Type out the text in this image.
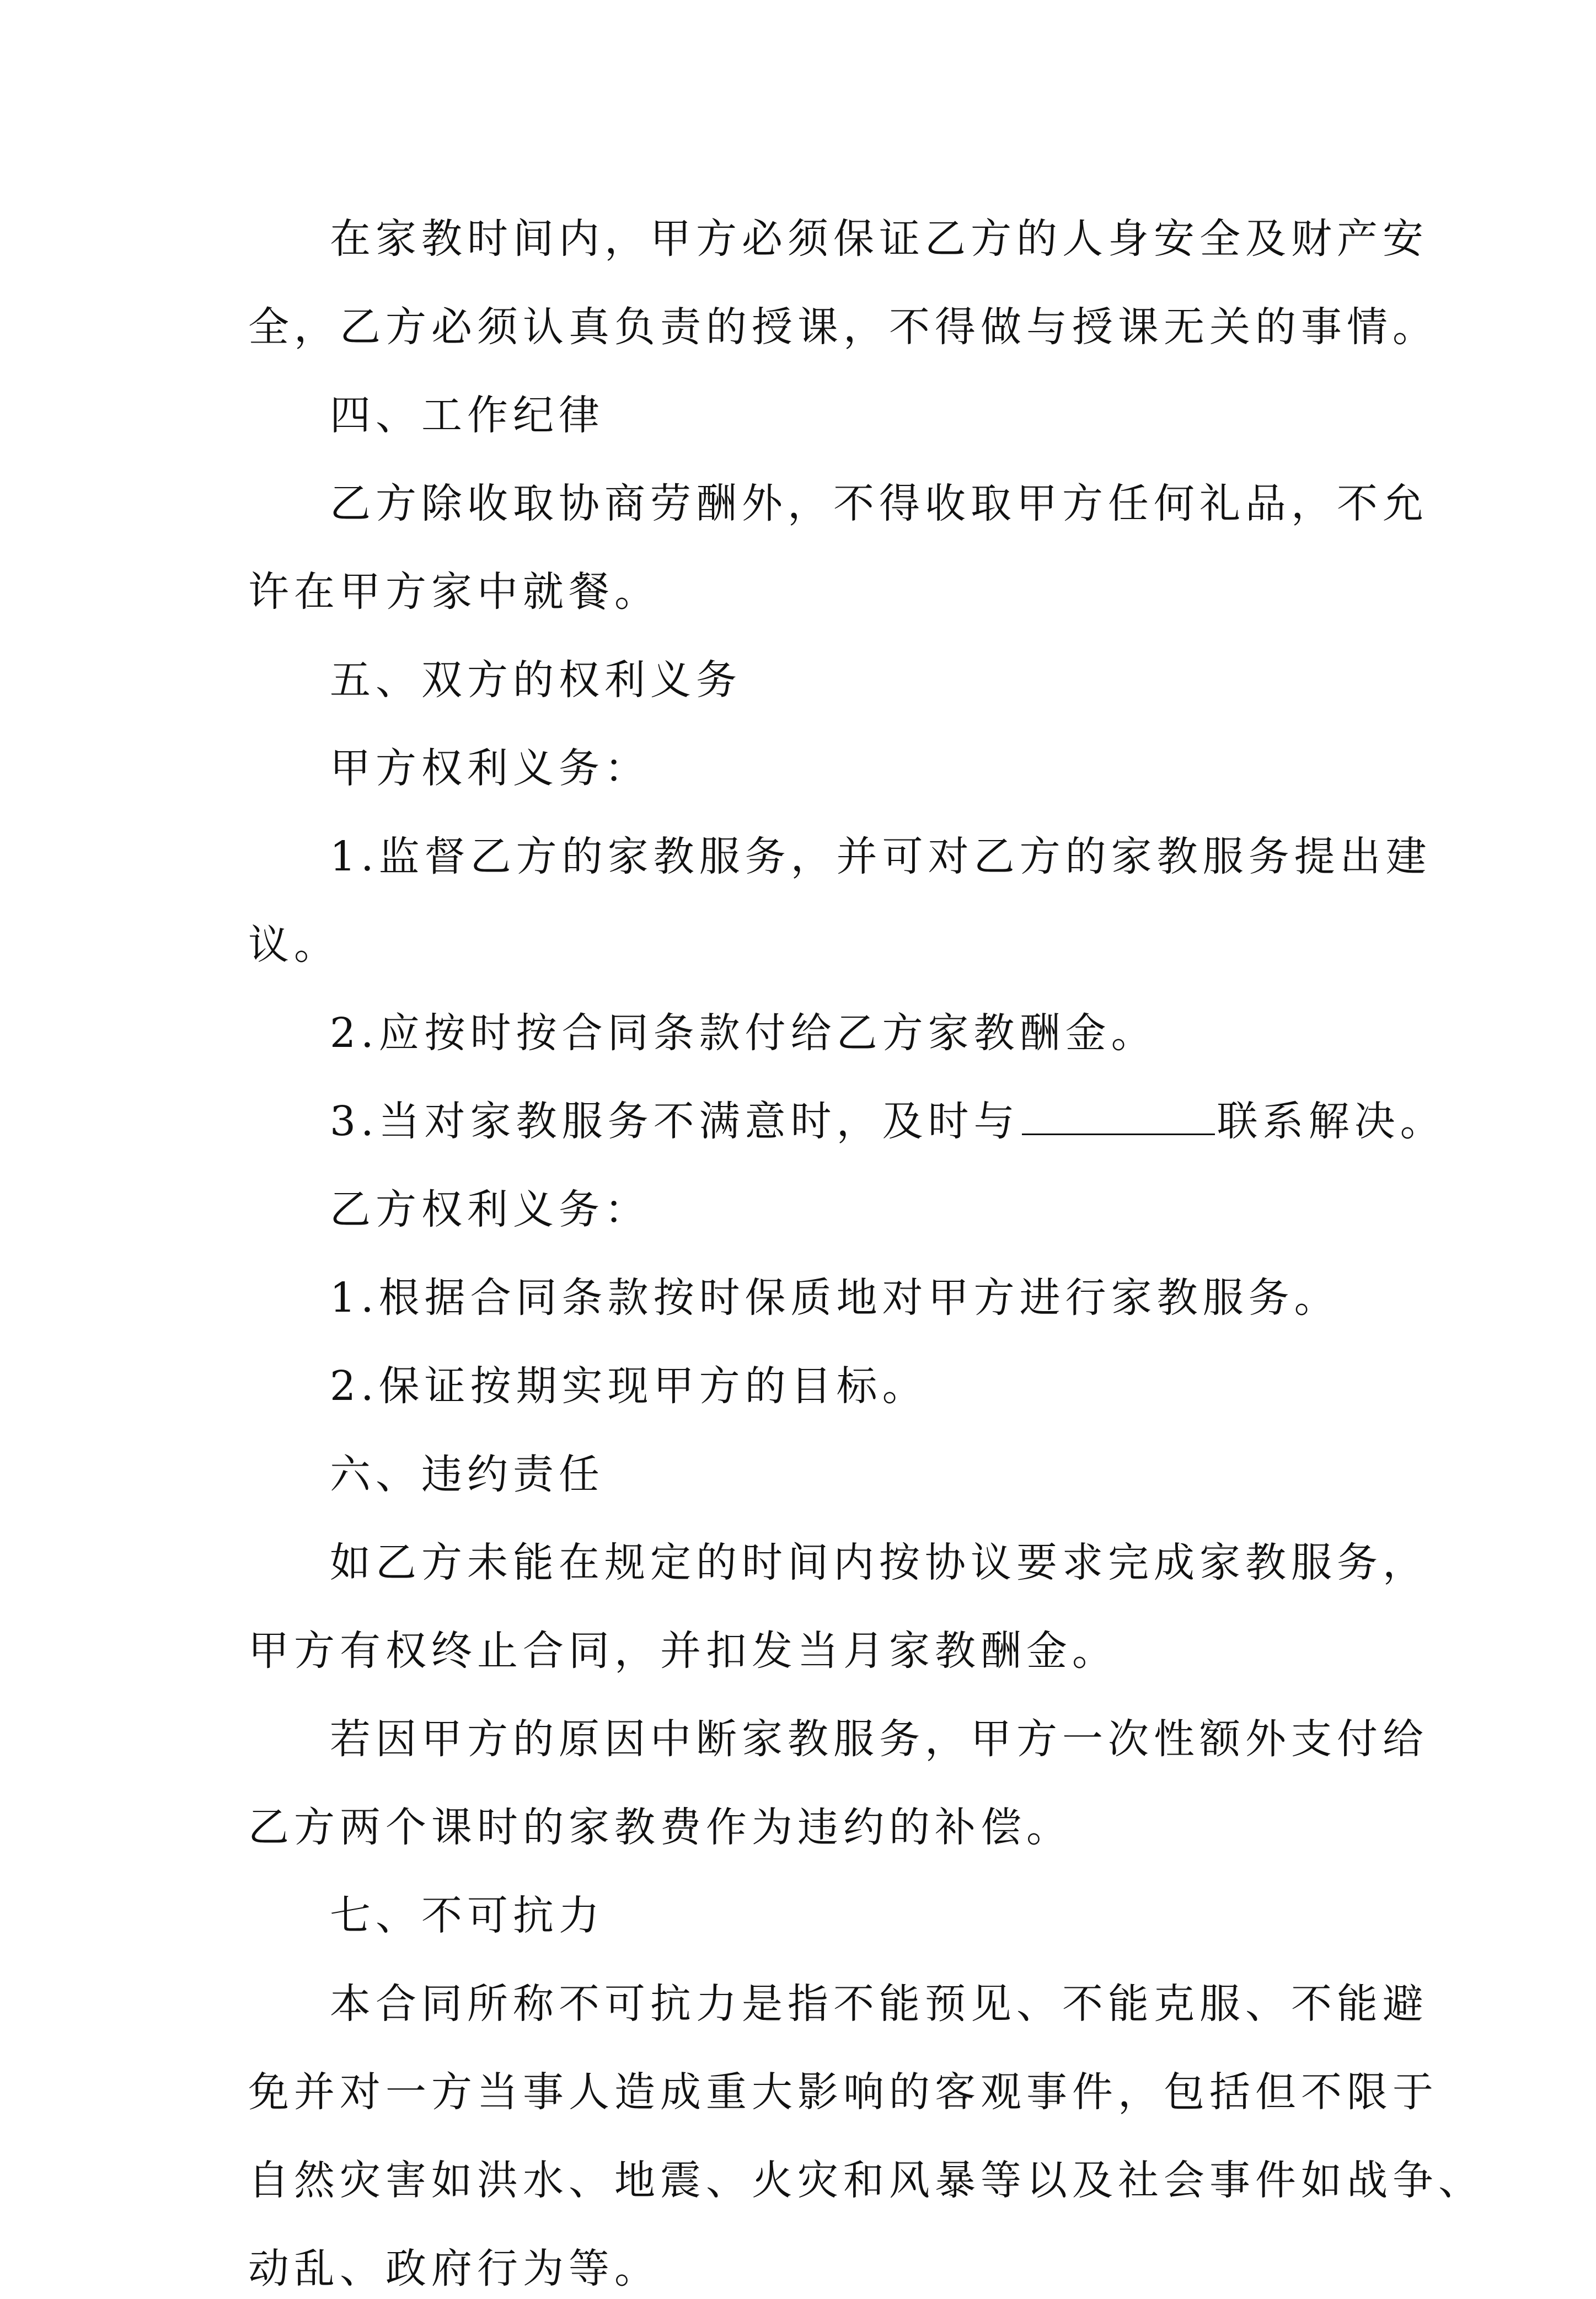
在家教时间内，甲方必须保证乙方的人身安全及财产安
全，乙方必须认真负责的授课，不得做与授课无关的事情。
四、工作纪律
乙方除收取协商劳酬外，不得收取甲方任何礼品，不允
许在甲方家中就餐。
五、双方的权利义务
甲方权利义务：
1.监督乙方的家教服务，并可对乙方的家教服务提出建
议。
2.应按时按合同条款付给乙方家教酬金。
3.当对家教服务不满意时，及时与	联系解决。
乙方权利义务：
1.根据合同条款按时保质地对甲方进行家教服务。
2.保证按期实现甲方的目标。
六、违约责任
如乙方未能在规定的时间内按协议要求完成家教服务，
甲方有权终止合同，并扣发当月家教酬金。
若因甲方的原因中断家教服务，甲方一次性额外支付给
乙方两个课时的家教费作为违约的补偿。
七、不可抗力
本合同所称不可抗力是指不能预见、不能克服、不能避
免并对一方当事人造成重大影响的客观事件，包括但不限于
自然灾害如洪水、地震、火灾和风暴等以及社会事件如战争、
动乱、政府行为等。
